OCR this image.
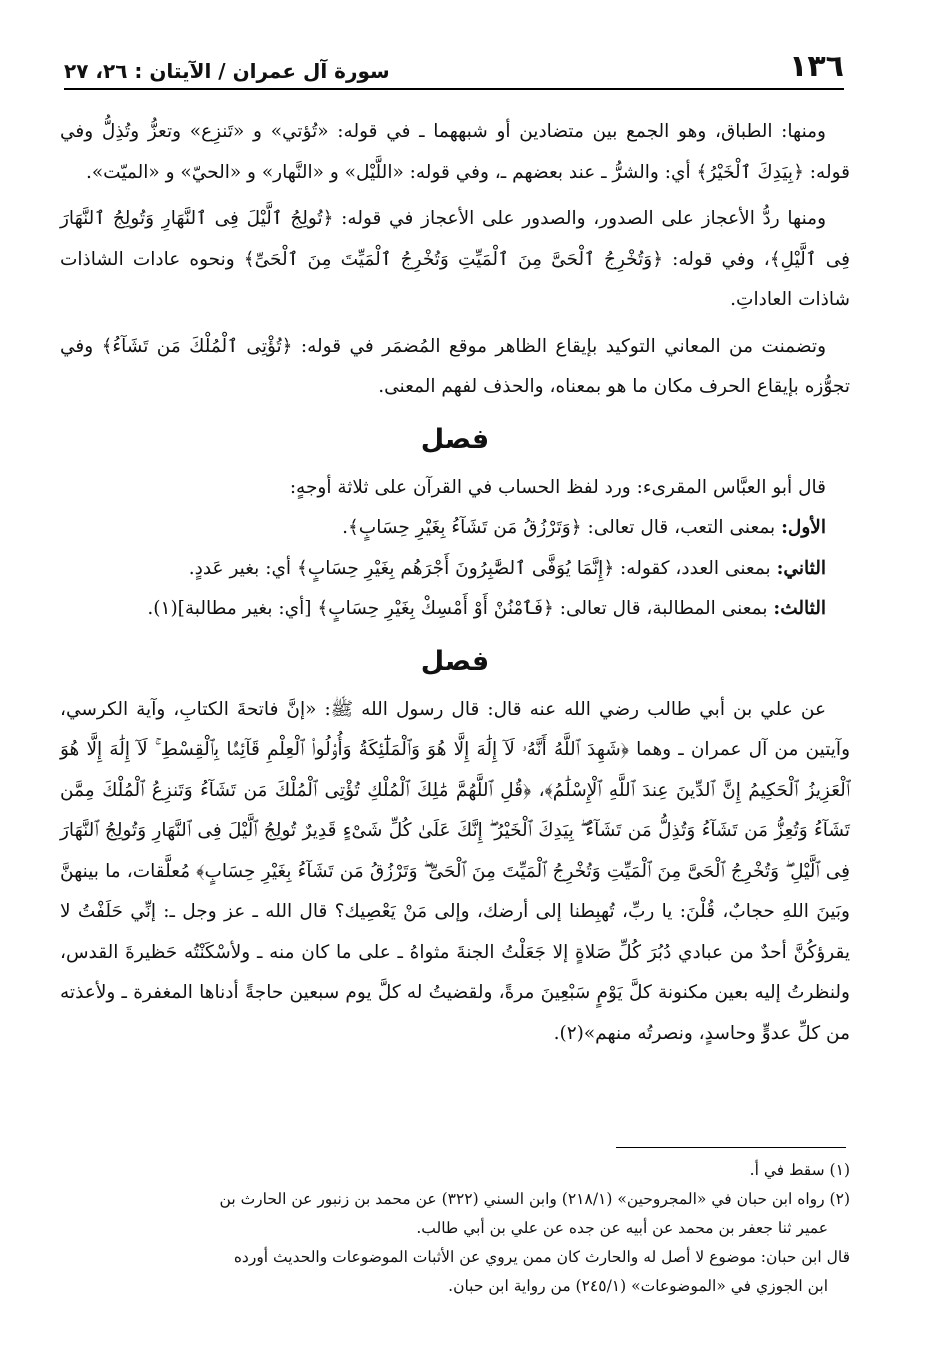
١٣٦
سورة آل عمران / الآيتان : ٢٦، ٢٧

ومنها: الطباق، وهو الجمع بين متضادين أو شبههما ـ في قوله: «تُؤتي» و «تَنزِع» وتعزُّ وتُذِلُّ وفي قوله: ﴿بِيَدِكَ ٱلْخَيْرُ﴾ أي: والشرُّ ـ عند بعضهم ـ، وفي قوله: «اللَّيْل» و «النَّهار» و «الحيّ» و «الميّت».

ومنها ردُّ الأعجاز على الصدور، والصدور على الأعجاز في قوله: ﴿تُولِجُ ٱلَّيْلَ فِى ٱلنَّهَارِ وَتُولِجُ ٱلنَّهَارَ فِى ٱلَّيْلِ﴾، وفي قوله: ﴿وَتُخْرِجُ ٱلْحَىَّ مِنَ ٱلْمَيِّتِ وَتُخْرِجُ ٱلْمَيِّتَ مِنَ ٱلْحَىِّ﴾ ونحوه عادات الشاذات شاذات العاداتِ.

وتضمنت من المعاني التوكيد بإيقاع الظاهر موقع المُضمَر في قوله: ﴿تُؤْتِى ٱلْمُلْكَ مَن تَشَآءُ﴾ وفي تجوُّزه بإيقاع الحرف مكان ما هو بمعناه، والحذف لفهم المعنى.

فصل

قال أبو العبَّاس المقرىء: ورد لفظ الحساب في القرآن على ثلاثة أوجهٍ:

الأول: بمعنى التعب، قال تعالى: ﴿وَتَرْزُقُ مَن تَشَآءُ بِغَيْرِ حِسَابٍ﴾.

الثاني: بمعنى العدد، كقوله: ﴿إِنَّمَا يُوَفَّى ٱلصَّٰبِرُونَ أَجْرَهُم بِغَيْرِ حِسَابٍ﴾ أي: بغير عَددٍ.

الثالث: بمعنى المطالبة، قال تعالى: ﴿فَٱمْنُنْ أَوْ أَمْسِكْ بِغَيْرِ حِسَابٍ﴾ [أي: بغير مطالبة](١).

فصل

عن علي بن أبي طالب رضي الله عنه قال: قال رسول الله ﷺ: «إنَّ فاتحةَ الكتابِ، وآية الكرسي، وآيتين من آل عمران ـ وهما ﴿شَهِدَ ٱللَّهُ أَنَّهُۥ لَآ إِلَٰهَ إِلَّا هُوَ وَٱلْمَلَٰٓئِكَةُ وَأُو۟لُوا۟ ٱلْعِلْمِ قَآئِمًۢا بِٱلْقِسْطِ ۚ لَآ إِلَٰهَ إِلَّا هُوَ ٱلْعَزِيزُ ٱلْحَكِيمُ إِنَّ ٱلدِّينَ عِندَ ٱللَّهِ ٱلْإِسْلَٰمُ﴾، ﴿قُلِ ٱللَّهُمَّ مَٰلِكَ ٱلْمُلْكِ تُؤْتِى ٱلْمُلْكَ مَن تَشَآءُ وَتَنزِعُ ٱلْمُلْكَ مِمَّن تَشَآءُ وَتُعِزُّ مَن تَشَآءُ وَتُذِلُّ مَن تَشَآءُ ۖ بِيَدِكَ ٱلْخَيْرُ ۖ إِنَّكَ عَلَىٰ كُلِّ شَىْءٍ قَدِيرٌ تُولِجُ ٱلَّيْلَ فِى ٱلنَّهَارِ وَتُولِجُ ٱلنَّهَارَ فِى ٱلَّيْلِ ۖ وَتُخْرِجُ ٱلْحَىَّ مِنَ ٱلْمَيِّتِ وَتُخْرِجُ ٱلْمَيِّتَ مِنَ ٱلْحَىِّ ۖ وَتَرْزُقُ مَن تَشَآءُ بِغَيْرِ حِسَابٍ﴾ مُعلَّقات، ما بينهنَّ وبَينَ اللهِ حجابٌ، قُلْنَ: يا ربِّ، تُهبِطنا إلى أرضك، وإلى مَنْ يَعْصِيك؟ قال الله ـ عز وجل ـ: إنِّي حَلَفْتُ لا يقرؤكُنَّ أحدٌ من عبادي دُبُرَ كُلِّ صَلاةٍ إلا جَعَلْتُ الجنةَ مثواهُ ـ على ما كان منه ـ ولأسْكَنْتُه حَظيرةَ القدس، ولنظرتُ إليه بعين مكنونة كلَّ يَوْمٍ سَبْعِينَ مرةً، ولقضيتُ له كلَّ يوم سبعين حاجةً أدناها المغفرة ـ ولأعذته من كلِّ عدوٍّ وحاسدٍ، ونصرتُه منهم»(٢).

(١) سقط في أ.

(٢) رواه ابن حبان في «المجروحين» (٢١٨/١) وابن السني (٣٢٢) عن محمد بن زنبور عن الحارث بن

عمير ثنا جعفر بن محمد عن أبيه عن جده عن علي بن أبي طالب.

قال ابن حبان: موضوع لا أصل له والحارث كان ممن يروي عن الأثبات الموضوعات والحديث أورده

ابن الجوزي في «الموضوعات» (٢٤٥/١) من رواية ابن حبان.
